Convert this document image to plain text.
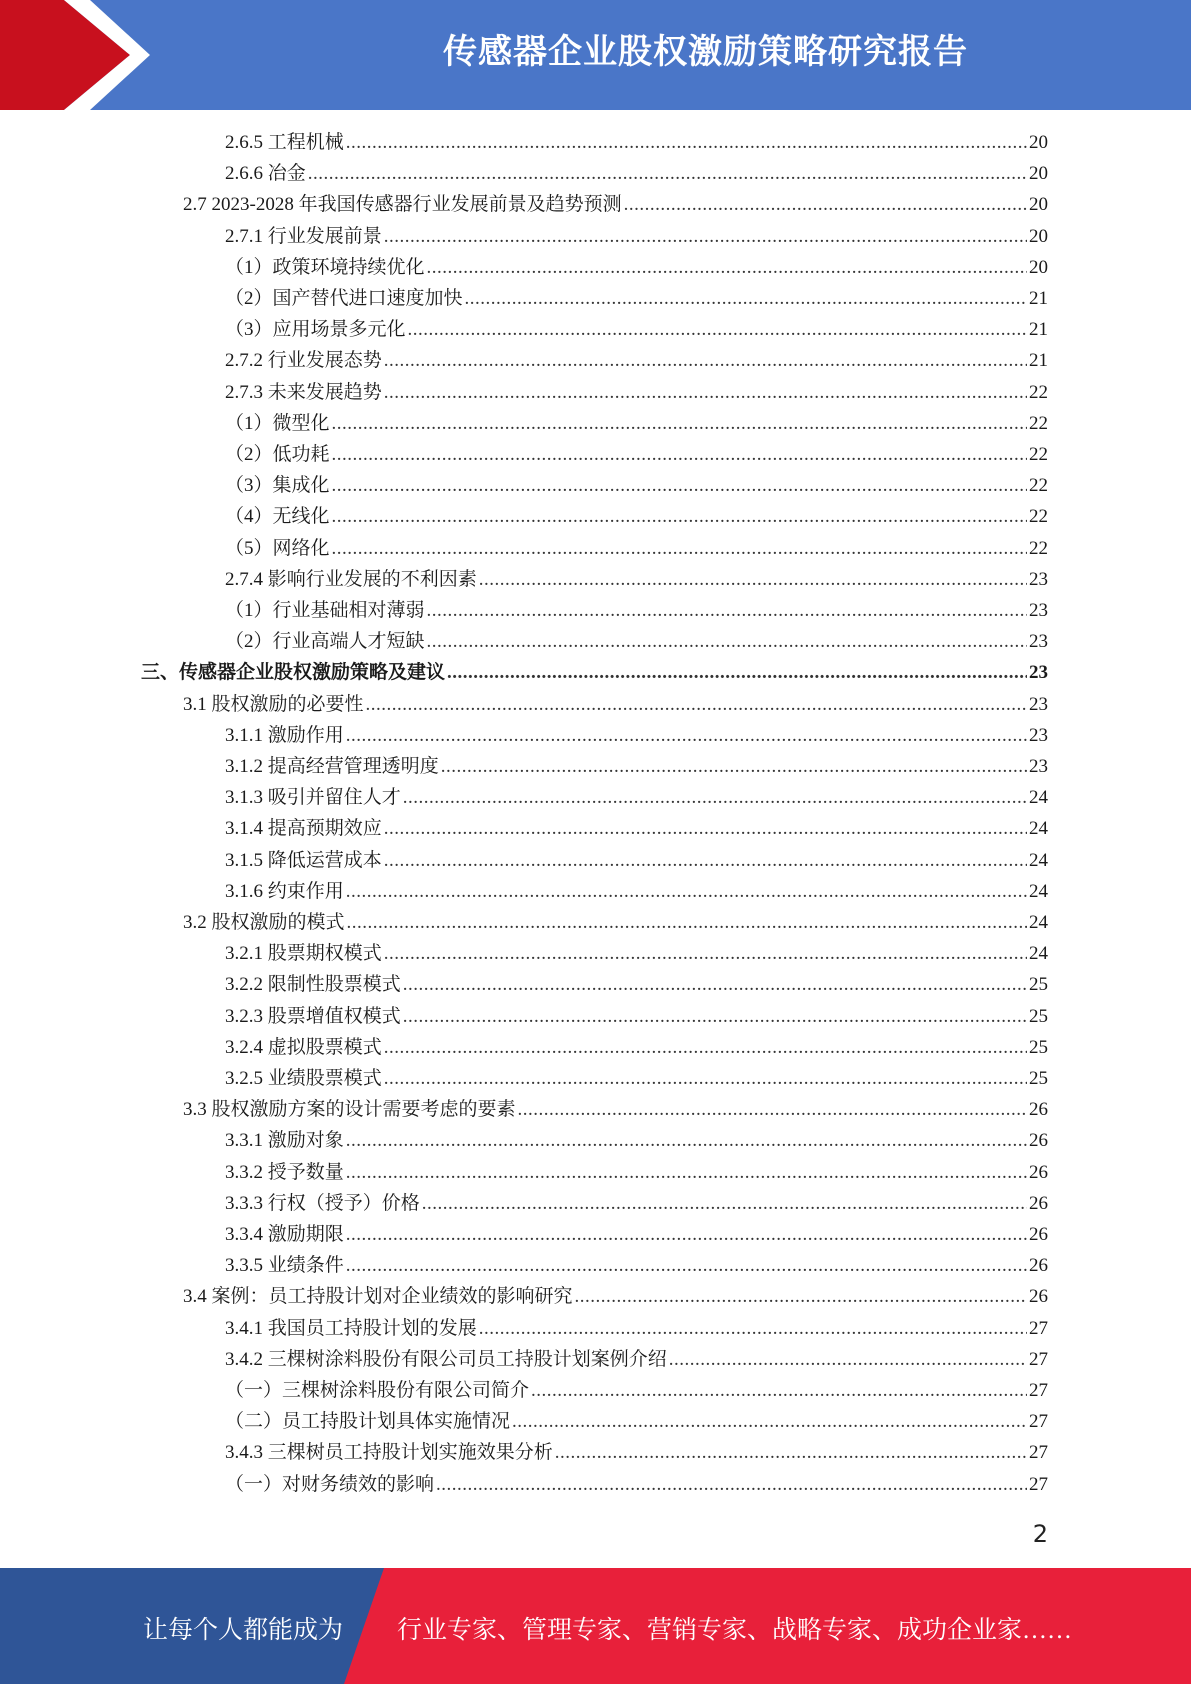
传感器企业股权激励策略研究报告
2.6.5 工程机械 .....	20
2.6.6 冶金 .....	20
2.7 2023-2028 年我国传感器行业发展前景及趋势预测 .....	20
2.7.1 行业发展前景 .....	20
（1）政策环境持续优化 .....	20
（2）国产替代进口速度加快 .....	21
（3）应用场景多元化 .....	21
2.7.2 行业发展态势 .....	21
2.7.3 未来发展趋势 .....	22
（1）微型化 .....	22
（2）低功耗 .....	22
（3）集成化 .....	22
（4）无线化 .....	22
（5）网络化 .....	22
2.7.4 影响行业发展的不利因素 .....	23
（1）行业基础相对薄弱 .....	23
（2）行业高端人才短缺 .....	23
三、传感器企业股权激励策略及建议 .....	23
3.1 股权激励的必要性 .....	23
3.1.1 激励作用 .....	23
3.1.2 提高经营管理透明度 .....	23
3.1.3 吸引并留住人才 .....	24
3.1.4 提高预期效应 .....	24
3.1.5 降低运营成本 .....	24
3.1.6 约束作用 .....	24
3.2 股权激励的模式 .....	24
3.2.1 股票期权模式 .....	24
3.2.2 限制性股票模式 .....	25
3.2.3 股票增值权模式 .....	25
3.2.4 虚拟股票模式 .....	25
3.2.5 业绩股票模式 .....	25
3.3 股权激励方案的设计需要考虑的要素 .....	26
3.3.1 激励对象 .....	26
3.3.2 授予数量 .....	26
3.3.3 行权（授予）价格 .....	26
3.3.4 激励期限 .....	26
3.3.5 业绩条件 .....	26
3.4 案例：员工持股计划对企业绩效的影响研究 .....	26
3.4.1 我国员工持股计划的发展 .....	27
3.4.2 三棵树涂料股份有限公司员工持股计划案例介绍 .....	27
（一）三棵树涂料股份有限公司简介 .....	27
（二）员工持股计划具体实施情况 .....	27
3.4.3 三棵树员工持股计划实施效果分析 .....	27
（一）对财务绩效的影响 .....	27
2
让每个人都能成为 行业专家、管理专家、营销专家、战略专家、成功企业家……
